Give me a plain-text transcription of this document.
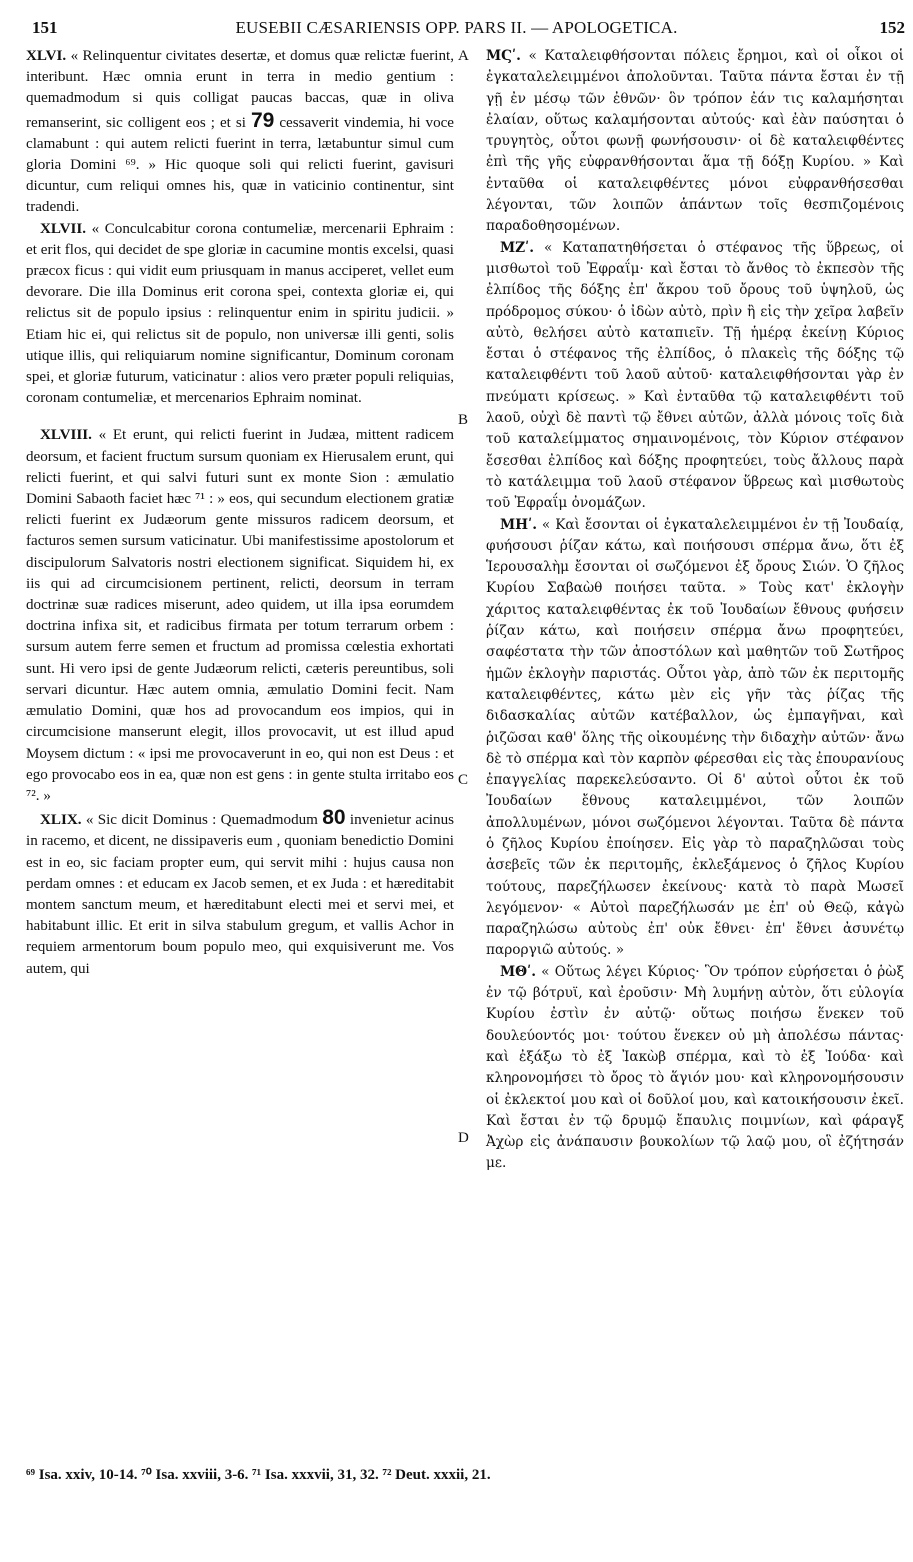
151	EUSEBII CÆSARIENSIS OPP. PARS II. — APOLOGETICA.	152

XLVI. « Relinquentur civitates desertæ, et domus quæ relictæ fuerint, interibunt. Hæc omnia erunt in terra in medio gentium : quemadmodum si quis colligat paucas baccas, quæ in oliva remanserint, sic colligent eos ; et si 79 cessaverit vindemia, hi voce clamabunt : qui autem relicti fuerint in terra, lætabuntur simul cum gloria Domini ⁶⁹. » Hic quoque soli qui relicti fuerint, gavisuri dicuntur, cum reliqui omnes his, quæ in vaticinio continentur, sint tradendi.

XLVII. « Conculcabitur corona contumeliæ, mercenarii Ephraim : et erit flos, qui decidet de spe gloriæ in cacumine montis excelsi, quasi præcox ficus : qui vidit eum priusquam in manus acciperet, vellet eum devorare. Die illa Dominus erit corona spei, contexta gloriæ ei, qui relictus sit de populo ipsius : relinquentur enim in spiritu judicii. » Etiam hic ei, qui relictus sit de populo, non universæ illi genti, solis utique illis, qui reliquiarum nomine significantur, Dominum coronam spei, et gloriæ futurum, vaticinatur : alios vero præter populi reliquias, coronam contumeliæ, et mercenarios Ephraim nominat.

XLVIII. « Et erunt, qui relicti fuerint in Judæa, mittent radicem deorsum, et facient fructum sursum quoniam ex Hierusalem erunt, qui relicti fuerint, et qui salvi futuri sunt ex monte Sion : æmulatio Domini Sabaoth faciet hæc ⁷¹ : » eos, qui secundum electionem gratiæ relicti fuerint ex Judæorum gente missuros radicem deorsum, et facturos semen sursum vaticinatur. Ubi manifestissime apostolorum et discipulorum Salvatoris nostri electionem significat. Siquidem hi, ex iis qui ad circumcisionem pertinent, relicti, deorsum in terram doctrinæ suæ radices miserunt, adeo quidem, ut illa ipsa eorumdem doctrina infixa sit, et radicibus firmata per totum terrarum orbem : sursum autem ferre semen et fructum ad promissa cœlestia exhortati sunt. Hi vero ipsi de gente Judæorum relicti, cæteris pereuntibus, soli servari dicuntur. Hæc autem omnia, æmulatio Domini fecit. Nam æmulatio Domini, quæ hos ad provocandum eos impios, qui in circumcisione manserunt elegit, illos provocavit, ut est illud apud Moysem dictum : « ipsi me provocaverunt in eo, qui non est Deus : et ego provocabo eos in ea, quæ non est gens : in gente stulta irritabo eos ⁷². »

XLIX. « Sic dicit Dominus : Quemadmodum 80 invenietur acinus in racemo, et dicent, ne dissipaveris eum , quoniam benedictio Domini est in eo, sic faciam propter eum, qui servit mihi : hujus causa non perdam omnes : et educam ex Jacob semen, et ex Juda : et hæreditabit montem sanctum meum, et hæreditabunt electi mei et servi mei, et habitabunt illic. Et erit in silva stabulum gregum, et vallis Achor in requiem armentorum boum populo meo, qui exquisiverunt me. Vos autem, qui

A
B
C
D

ΜϚʹ. « Καταλειφθήσονται πόλεις ἔρημοι, καὶ οἱ οἶκοι οἱ ἐγκαταλελειμμένοι ἀπολοῦνται. Ταῦτα πάντα ἔσται ἐν τῇ γῇ ἐν μέσῳ τῶν ἐθνῶν· ὃν τρόπον ἐάν τις καλαμήσηται ἐλαίαν, οὕτως καλαμήσονται αὐτούς· καὶ ἐὰν παύσηται ὁ τρυγητὸς, οὗτοι φωνῇ φωνήσουσιν· οἱ δὲ καταλειφθέντες ἐπὶ τῆς γῆς εὐφρανθήσονται ἅμα τῇ δόξῃ Κυρίου. » Καὶ ἐνταῦθα οἱ καταλειφθέντες μόνοι εὐφρανθήσεσθαι λέγονται, τῶν λοιπῶν ἁπάντων τοῖς θεσπιζομένοις παραδοθησομένων.

ΜΖʹ. « Καταπατηθήσεται ὁ στέφανος τῆς ὕβρεως, οἱ μισθωτοὶ τοῦ Ἐφραΐμ· καὶ ἔσται τὸ ἄνθος τὸ ἐκπεσὸν τῆς ἐλπίδος τῆς δόξης ἐπ' ἄκρου τοῦ ὄρους τοῦ ὑψηλοῦ, ὡς πρόδρομος σύκου· ὁ ἰδὼν αὐτὸ, πρὶν ἢ εἰς τὴν χεῖρα λαβεῖν αὐτὸ, θελήσει αὐτὸ καταπιεῖν. Τῇ ἡμέρᾳ ἐκείνῃ Κύριος ἔσται ὁ στέφανος τῆς ἐλπίδος, ὁ πλακεὶς τῆς δόξης τῷ καταλειφθέντι τοῦ λαοῦ αὐτοῦ· καταλειφθήσονται γὰρ ἐν πνεύματι κρίσεως. » Καὶ ἐνταῦθα τῷ καταλειφθέντι τοῦ λαοῦ, οὐχὶ δὲ παντὶ τῷ ἔθνει αὐτῶν, ἀλλὰ μόνοις τοῖς διὰ τοῦ καταλείμματος σημαινομένοις, τὸν Κύριον στέφανον ἔσεσθαι ἐλπίδος καὶ δόξης προφητεύει, τοὺς ἄλλους παρὰ τὸ κατάλειμμα τοῦ λαοῦ στέφανον ὕβρεως καὶ μισθωτοὺς τοῦ Ἐφραΐμ ὀνομάζων.

ΜΗʹ. « Καὶ ἔσονται οἱ ἐγκαταλελειμμένοι ἐν τῇ Ἰουδαίᾳ, φυήσουσι ῥίζαν κάτω, καὶ ποιήσουσι σπέρμα ἄνω, ὅτι ἐξ Ἱερουσαλὴμ ἔσονται οἱ σωζόμενοι ἐξ ὄρους Σιών. Ὁ ζῆλος Κυρίου Σαβαὼθ ποιήσει ταῦτα. » Τοὺς κατ' ἐκλογὴν χάριτος καταλειφθέντας ἐκ τοῦ Ἰουδαίων ἔθνους φυήσειν ῥίζαν κάτω, καὶ ποιήσειν σπέρμα ἄνω προφητεύει, σαφέστατα τὴν τῶν ἀποστόλων καὶ μαθητῶν τοῦ Σωτῆρος ἡμῶν ἐκλογὴν παριστάς. Οὗτοι γὰρ, ἀπὸ τῶν ἐκ περιτομῆς καταλειφθέντες, κάτω μὲν εἰς γῆν τὰς ῥίζας τῆς διδασκαλίας αὐτῶν κατέβαλλον, ὡς ἐμπαγῆναι, καὶ ῥιζῶσαι καθ' ὅλης τῆς οἰκουμένης τὴν διδαχὴν αὐτῶν· ἄνω δὲ τὸ σπέρμα καὶ τὸν καρπὸν φέρεσθαι εἰς τὰς ἐπουρανίους ἐπαγγελίας παρεκελεύσαντο. Οἱ δ' αὐτοὶ οὗτοι ἐκ τοῦ Ἰουδαίων ἔθνους καταλειμμένοι, τῶν λοιπῶν ἀπολλυμένων, μόνοι σωζόμενοι λέγονται. Ταῦτα δὲ πάντα ὁ ζῆλος Κυρίου ἐποίησεν. Εἰς γὰρ τὸ παραζηλῶσαι τοὺς ἀσεβεῖς τῶν ἐκ περιτομῆς, ἐκλεξάμενος ὁ ζῆλος Κυρίου τούτους, παρεζήλωσεν ἐκείνους· κατὰ τὸ παρὰ Μωσεῖ λεγόμενον· « Αὐτοὶ παρεζήλωσάν με ἐπ' οὐ Θεῷ, κἀγὼ παραζηλώσω αὐτοὺς ἐπ' οὐκ ἔθνει· ἐπ' ἔθνει ἀσυνέτῳ παροργιῶ αὐτούς. »

ΜΘʹ. « Οὕτως λέγει Κύριος· Ὃν τρόπον εὑρήσεται ὁ ῥὼξ ἐν τῷ βότρυϊ, καὶ ἐροῦσιν· Μὴ λυμήνῃ αὐτὸν, ὅτι εὐλογία Κυρίου ἐστὶν ἐν αὐτῷ· οὕτως ποιήσω ἕνεκεν τοῦ δουλεύοντός μοι· τούτου ἕνεκεν οὐ μὴ ἀπολέσω πάντας· καὶ ἐξάξω τὸ ἐξ Ἰακὼβ σπέρμα, καὶ τὸ ἐξ Ἰούδα· καὶ κληρονομήσει τὸ ὄρος τὸ ἅγιόν μου· καὶ κληρονομήσουσιν οἱ ἐκλεκτοί μου καὶ οἱ δοῦλοί μου, καὶ κατοικήσουσιν ἐκεῖ. Καὶ ἔσται ἐν τῷ δρυμῷ ἔπαυλις ποιμνίων, καὶ φάραγξ Ἀχὼρ εἰς ἀνάπαυσιν βουκολίων τῷ λαῷ μου, οἳ ἐζήτησάν με.

⁶⁹ Isa. xxiv, 10-14. ⁷⁰ Isa. xxviii, 3-6. ⁷¹ Isa. xxxvii, 31, 32. ⁷² Deut. xxxii, 21.
